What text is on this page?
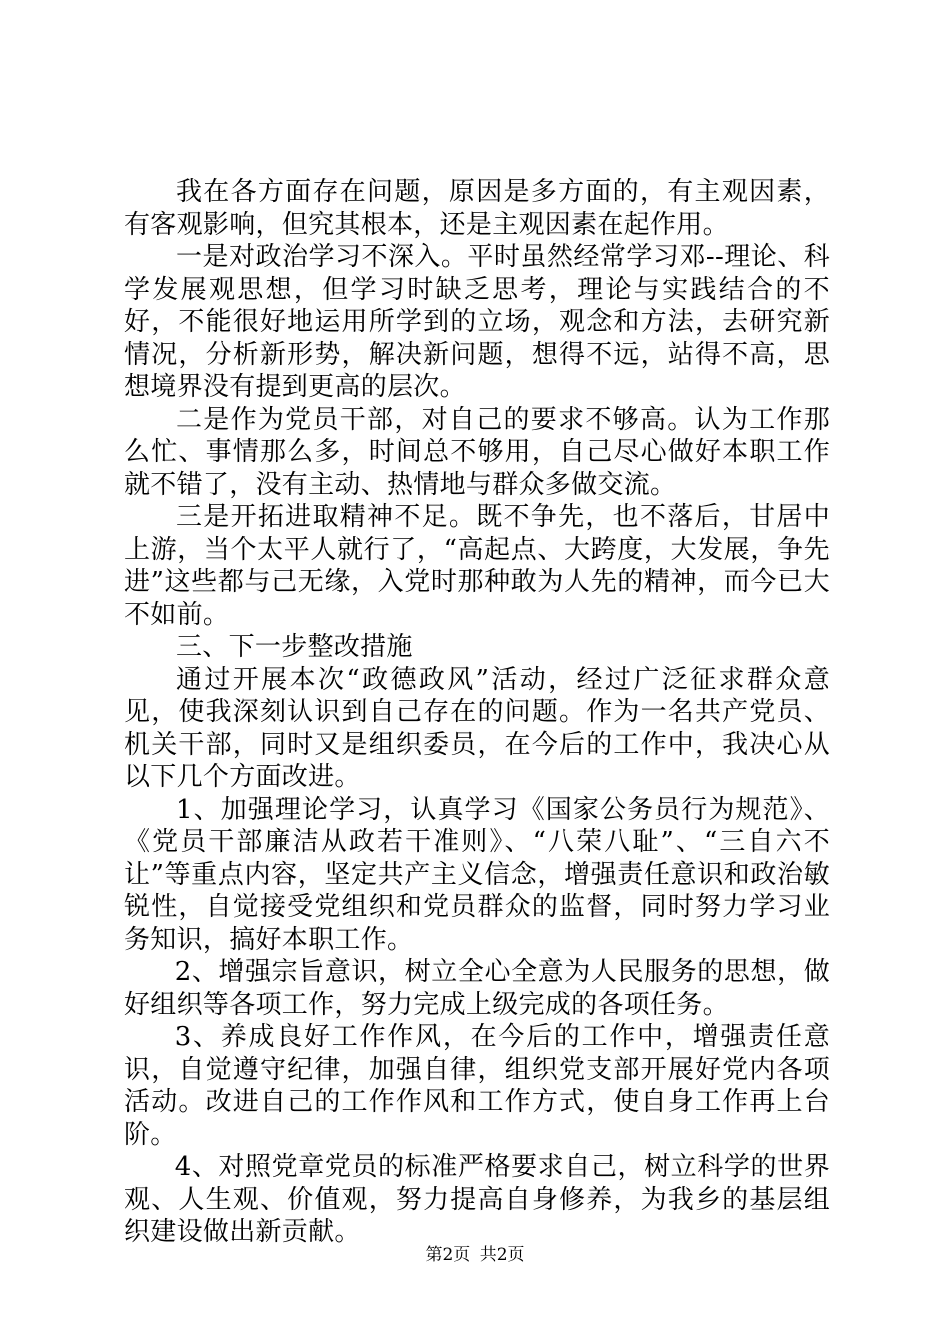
我在各方面存在问题，原因是多方面的，有主观因素，有客观影响，但究其根本，还是主观因素在起作用。

一是对政治学习不深入。平时虽然经常学习邓--理论、科学发展观思想，但学习时缺乏思考，理论与实践结合的不好，不能很好地运用所学到的立场，观念和方法，去研究新情况，分析新形势，解决新问题，想得不远，站得不高，思想境界没有提到更高的层次。

二是作为党员干部，对自己的要求不够高。认为工作那么忙、事情那么多，时间总不够用，自己尽心做好本职工作就不错了，没有主动、热情地与群众多做交流。

三是开拓进取精神不足。既不争先，也不落后，甘居中上游，当个太平人就行了，“高起点、大跨度，大发展，争先进”这些都与己无缘，入党时那种敢为人先的精神，而今已大不如前。

三、下一步整改措施

通过开展本次“政德政风”活动，经过广泛征求群众意见，使我深刻认识到自己存在的问题。作为一名共产党员、机关干部，同时又是组织委员，在今后的工作中，我决心从以下几个方面改进。

1、加强理论学习，认真学习《国家公务员行为规范》、《党员干部廉洁从政若干准则》、“八荣八耻”、“三自六不让”等重点内容，坚定共产主义信念，增强责任意识和政治敏锐性，自觉接受党组织和党员群众的监督，同时努力学习业务知识，搞好本职工作。

2、增强宗旨意识，树立全心全意为人民服务的思想，做好组织等各项工作，努力完成上级完成的各项任务。

3、养成良好工作作风，在今后的工作中，增强责任意识，自觉遵守纪律，加强自律，组织党支部开展好党内各项活动。改进自己的工作作风和工作方式，使自身工作再上台阶。

4、对照党章党员的标准严格要求自己，树立科学的世界观、人生观、价值观，努力提高自身修养，为我乡的基层组织建设做出新贡献。

第2页 共2页
